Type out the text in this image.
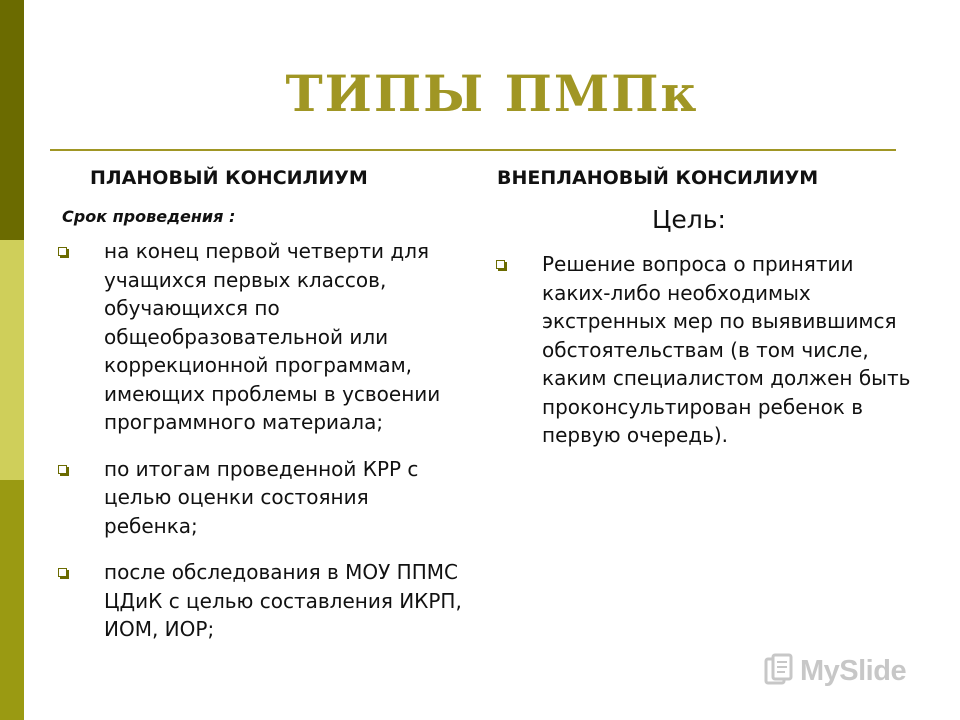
ТИПЫ ПМПк
ПЛАНОВЫЙ КОНСИЛИУМ	ВНЕПЛАНОВЫЙ КОНСИЛИУМ
Срок проведения :	Цель:
на конец первой четверти для учащихся первых классов, обучающихся по общеобразовательной или коррекционной программам, имеющих проблемы в усвоении программного материала;
по итогам проведенной КРР с целью оценки состояния ребенка;
после обследования в МОУ ППМС ЦДиК с целью составления ИКРП, ИОМ, ИОР;
Решение вопроса о принятии каких-либо необходимых экстренных мер по выявившимся обстоятельствам (в том числе, каким специалистом должен быть проконсультирован ребенок в первую очередь).
MySlide
